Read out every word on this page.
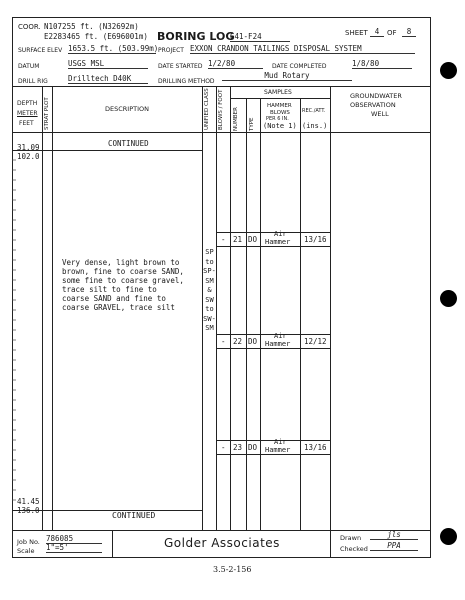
COOR. N107255 ft. (N32692m)
E2283465 ft. (E696001m) BORING LOG
G41-F24	SHEET 4	OF	8
SURFACE ELEV 1653.5 ft. (503.99m) PROJECT EXXON CRANDON TAILINGS DISPOSAL SYSTEM
DATUM	USGS MSL	DATE STARTED 1/2/80	DATE COMPLETED	1/8/80
DRILL RIG	Drilltech D40K	DRILLING METHOD
Mud Rotary
DEPTH
METER
FEET STRAT PLOT	DESCRIPTION	UNIFIED CLASS BLOWS / FOOT	SAMPLES
NUMBER TYPE
HAMMER
BLOWS
PER 6 IN.
(Note 1)
REC./ATT.
(ins.)
GROUNDWATER
OBSERVATION
WELL
31.09
102.0
CONTINUED
Very dense, light brown to
brown, fine to coarse SAND,
some fine to coarse gravel,
trace silt to fine to
coarse SAND and fine to
coarse GRAVEL, trace silt
SP
to
SP-
SM
&
SW
to
SW-
SM
- 21 DO
Air
Hammer 13/16
- 22 DO
Air
Hammer 12/12
- 23 DO
Air
Hammer 13/16
41.45
136.0
CONTINUED
Job No. 786085
Scale 1"=5'	Golder Associates	Drawn	jls
Checked	PPA
3.5-2-156
